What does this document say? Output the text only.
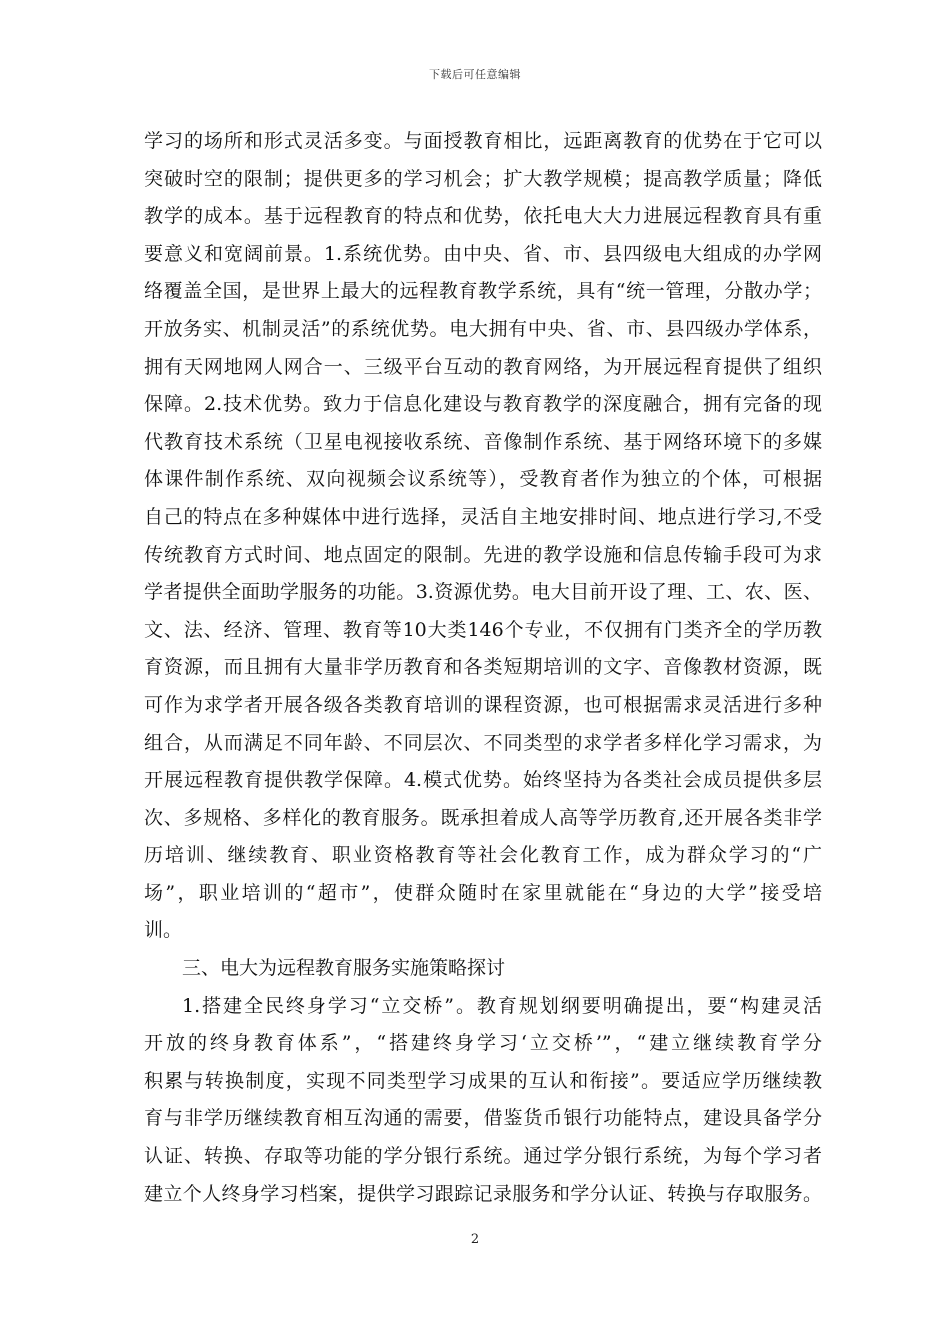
下载后可任意编辑
学习的场所和形式灵活多变。与面授教育相比，远距离教育的优势在于它可以
突破时空的限制；提供更多的学习机会；扩大教学规模；提高教学质量；降低
教学的成本。基于远程教育的特点和优势，依托电大大力进展远程教育具有重
要意义和宽阔前景。1.系统优势。由中央、省、市、县四级电大组成的办学网
络覆盖全国，是世界上最大的远程教育教学系统，具有“统一管理，分散办学；
开放务实、机制灵活”的系统优势。电大拥有中央、省、市、县四级办学体系，
拥有天网地网人网合一、三级平台互动的教育网络，为开展远程育提供了组织
保障。2.技术优势。致力于信息化建设与教育教学的深度融合，拥有完备的现
代教育技术系统（卫星电视接收系统、音像制作系统、基于网络环境下的多媒
体课件制作系统、双向视频会议系统等），受教育者作为独立的个体，可根据
自己的特点在多种媒体中进行选择，灵活自主地安排时间、地点进行学习,不受
传统教育方式时间、地点固定的限制。先进的教学设施和信息传输手段可为求
学者提供全面助学服务的功能。3.资源优势。电大目前开设了理、工、农、医、
文、法、经济、管理、教育等10大类146个专业，不仅拥有门类齐全的学历教
育资源，而且拥有大量非学历教育和各类短期培训的文字、音像教材资源，既
可作为求学者开展各级各类教育培训的课程资源，也可根据需求灵活进行多种
组合，从而满足不同年龄、不同层次、不同类型的求学者多样化学习需求，为
开展远程教育提供教学保障。4.模式优势。始终坚持为各类社会成员提供多层
次、多规格、多样化的教育服务。既承担着成人高等学历教育,还开展各类非学
历培训、继续教育、职业资格教育等社会化教育工作，成为群众学习的“广
场”，职业培训的“超市”，使群众随时在家里就能在“身边的大学”接受培
训。
三、电大为远程教育服务实施策略探讨
1.搭建全民终身学习“立交桥”。教育规划纲要明确提出，要“构建灵活
开放的终身教育体系”，“搭建终身学习‘立交桥’”，“建立继续教育学分
积累与转换制度，实现不同类型学习成果的互认和衔接”。要适应学历继续教
育与非学历继续教育相互沟通的需要，借鉴货币银行功能特点，建设具备学分
认证、转换、存取等功能的学分银行系统。通过学分银行系统，为每个学习者
建立个人终身学习档案，提供学习跟踪记录服务和学分认证、转换与存取服务。
2
